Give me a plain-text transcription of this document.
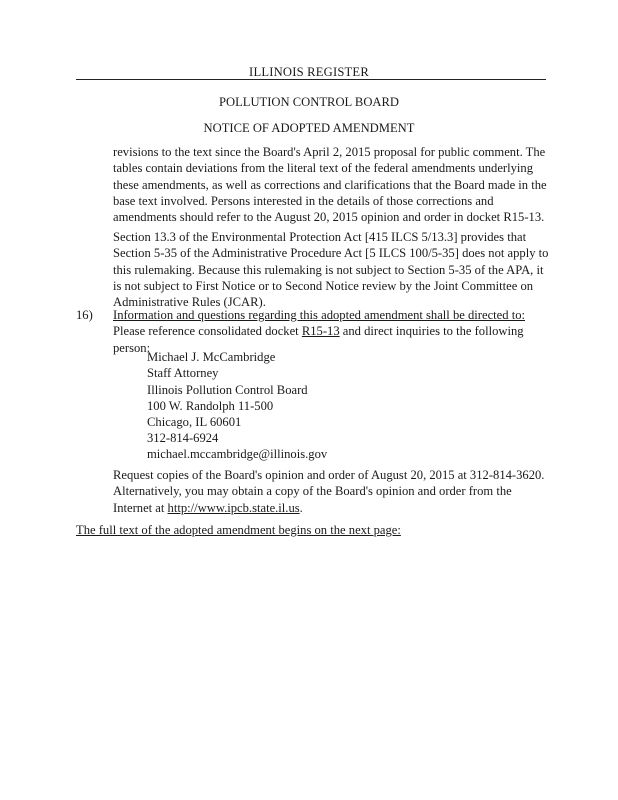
ILLINOIS REGISTER
POLLUTION CONTROL BOARD
NOTICE OF ADOPTED AMENDMENT
revisions to the text since the Board's April 2, 2015 proposal for public comment. The tables contain deviations from the literal text of the federal amendments underlying these amendments, as well as corrections and clarifications that the Board made in the base text involved. Persons interested in the details of those corrections and amendments should refer to the August 20, 2015 opinion and order in docket R15-13.
Section 13.3 of the Environmental Protection Act [415 ILCS 5/13.3] provides that Section 5-35 of the Administrative Procedure Act [5 ILCS 100/5-35] does not apply to this rulemaking. Because this rulemaking is not subject to Section 5-35 of the APA, it is not subject to First Notice or to Second Notice review by the Joint Committee on Administrative Rules (JCAR).
16) Information and questions regarding this adopted amendment shall be directed to: Please reference consolidated docket R15-13 and direct inquiries to the following person:
Michael J. McCambridge
Staff Attorney
Illinois Pollution Control Board
100 W. Randolph 11-500
Chicago, IL 60601
312-814-6924
michael.mccambridge@illinois.gov
Request copies of the Board's opinion and order of August 20, 2015 at 312-814-3620. Alternatively, you may obtain a copy of the Board's opinion and order from the Internet at http://www.ipcb.state.il.us.
The full text of the adopted amendment begins on the next page:
